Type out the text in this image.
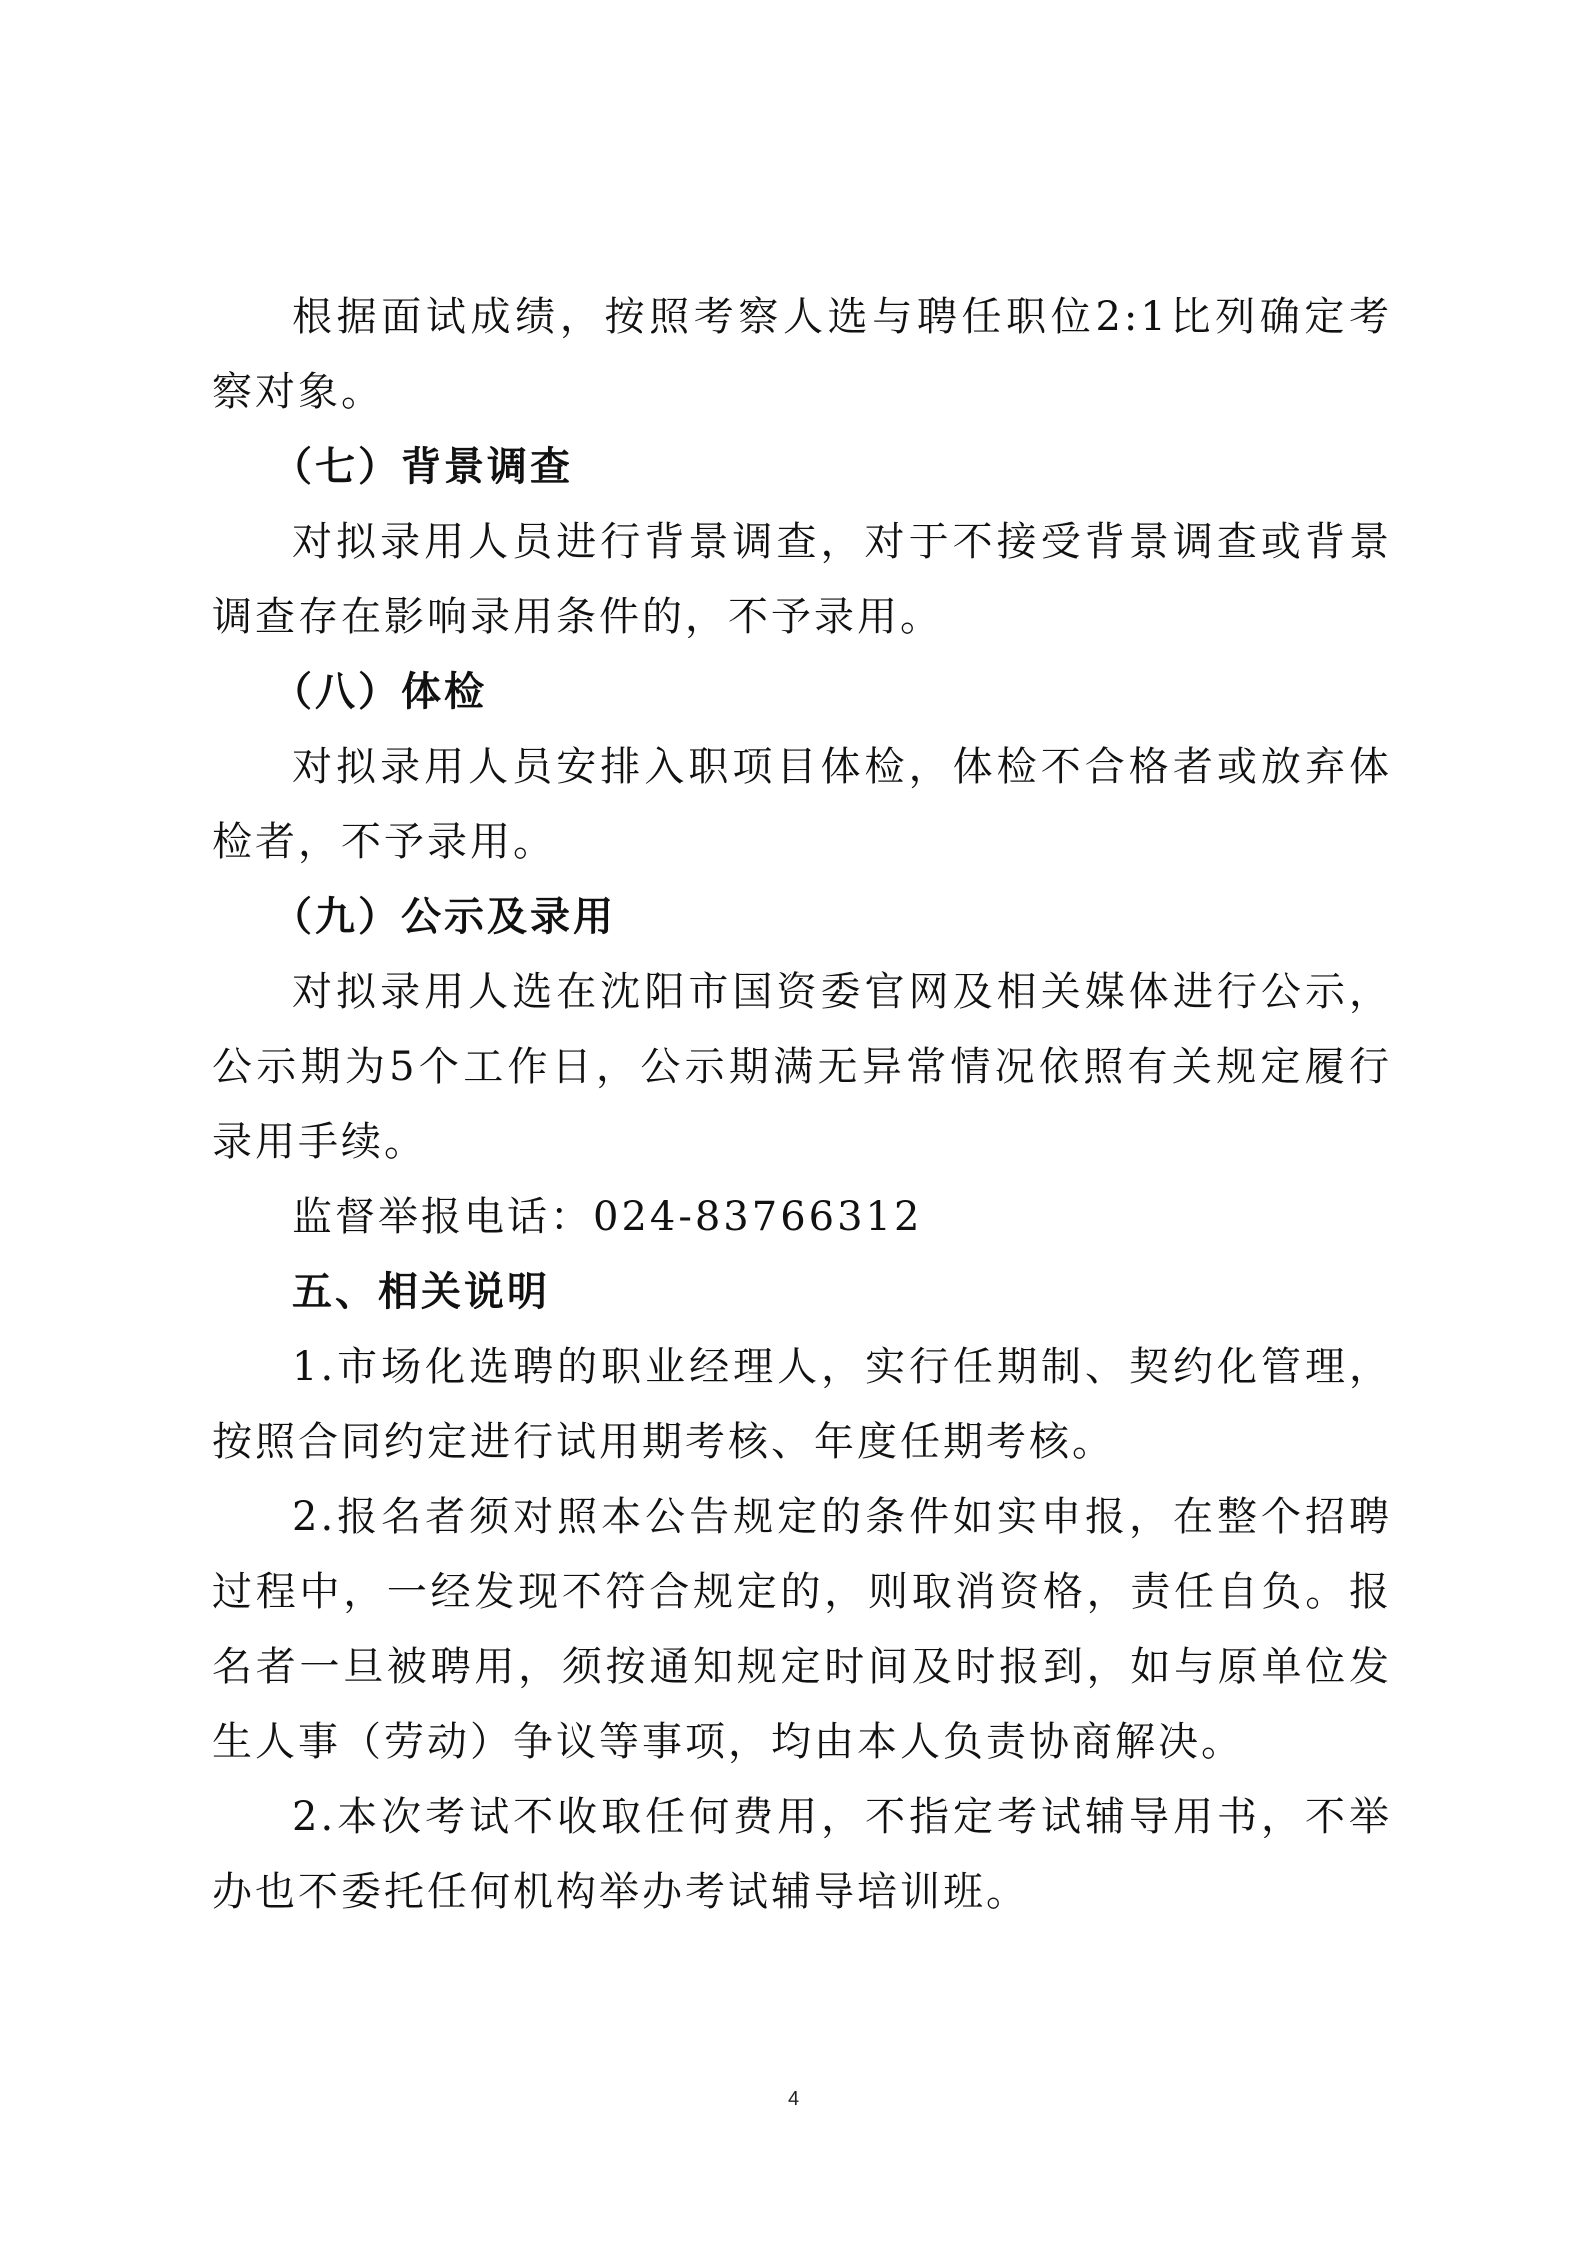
根据面试成绩，按照考察人选与聘任职位2:1比列确定考察对象。

（七）背景调查

对拟录用人员进行背景调查，对于不接受背景调查或背景调查存在影响录用条件的，不予录用。

（八）体检

对拟录用人员安排入职项目体检，体检不合格者或放弃体检者，不予录用。

（九）公示及录用

对拟录用人选在沈阳市国资委官网及相关媒体进行公示，公示期为5个工作日，公示期满无异常情况依照有关规定履行录用手续。

监督举报电话：024-83766312

五、相关说明

1.市场化选聘的职业经理人，实行任期制、契约化管理，按照合同约定进行试用期考核、年度任期考核。

2.报名者须对照本公告规定的条件如实申报，在整个招聘过程中，一经发现不符合规定的，则取消资格，责任自负。报名者一旦被聘用，须按通知规定时间及时报到，如与原单位发生人事（劳动）争议等事项，均由本人负责协商解决。

2.本次考试不收取任何费用，不指定考试辅导用书，不举办也不委托任何机构举办考试辅导培训班。

4
